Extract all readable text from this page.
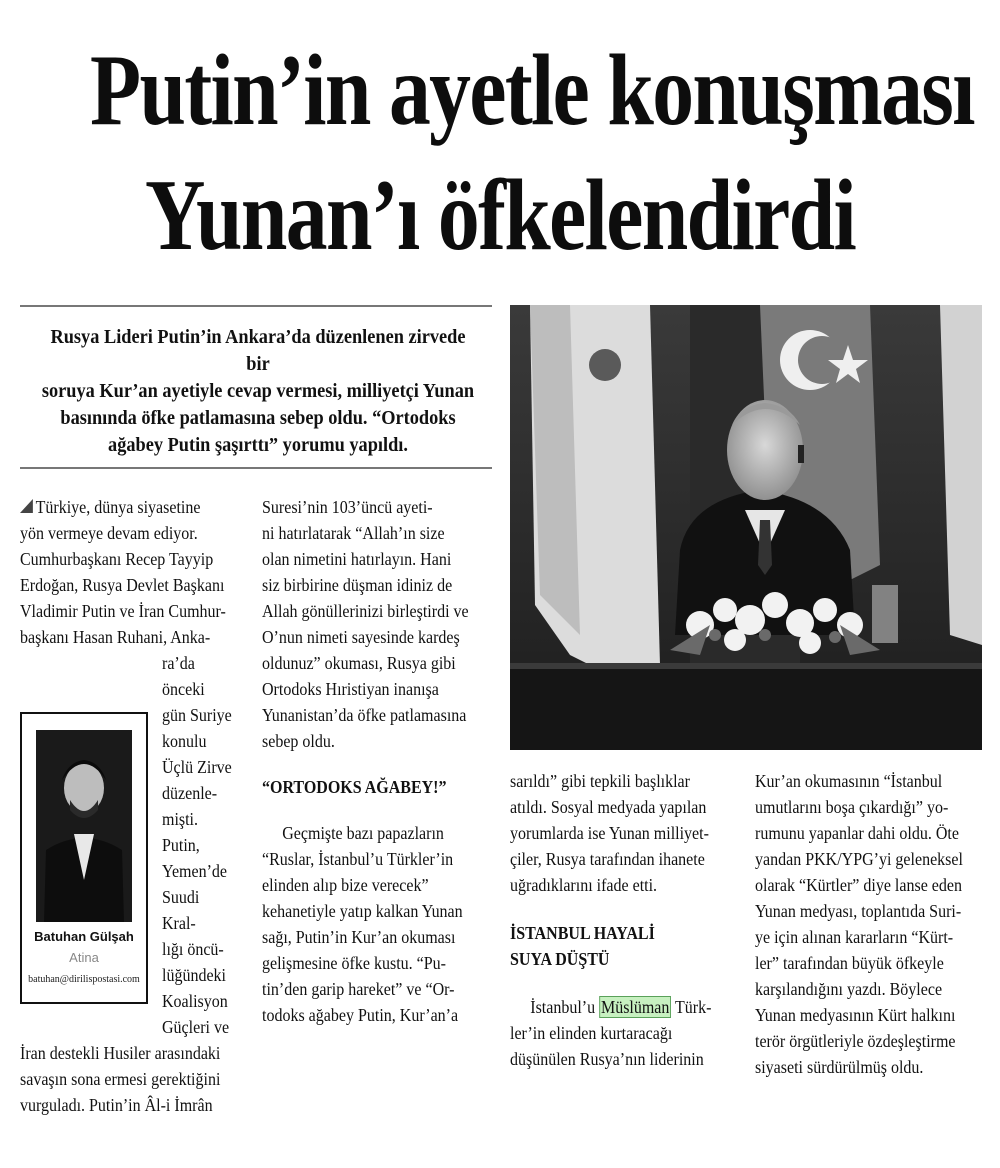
Putin’in ayetle konuşması
Yunan’ı öfkelendirdi
Rusya Lideri Putin’in Ankara’da düzenlenen zirvede bir
soruya Kur’an ayetiyle cevap vermesi, milliyetçi Yunan
basınında öfke patlamasına sebep oldu. “Ortodoks
ağabey Putin şaşırttı” yorumu yapıldı.

Türkiye, dünya siyasetine

yön vermeye devam ediyor.

Cumhurbaşkanı Recep Tayyip

Erdoğan, Rusya Devlet Başkanı

Vladimir Putin ve İran Cumhur-

başkanı Hasan Ruhani, Anka-

ra’da önceki

gün Suriye

konulu

Üçlü Zirve

düzenle-

mişti. Putin,

Yemen’de

Suudi Kral-

lığı öncü-

lüğündeki

Koalisyon

Güçleri ve

Batuhan Gülşah
Atina
batuhan@dirilispostasi.com

İran destekli Husiler arasındaki

savaşın sona ermesi gerektiğini

vurguladı. Putin’in Âl-i İmrân

Suresi’nin 103’üncü ayeti-

ni hatırlatarak “Allah’ın size

olan nimetini hatırlayın. Hani

siz birbirine düşman idiniz de

Allah gönüllerinizi birleştirdi ve

O’nun nimeti sayesinde kardeş

oldunuz” okuması, Rusya gibi

Ortodoks Hıristiyan inanışa

Yunanistan’da öfke patlamasına

sebep oldu.

“ORTODOKS AĞABEY!”

Geçmişte bazı papazların

“Ruslar, İstanbul’u Türkler’in

elinden alıp bize verecek”

kehanetiyle yatıp kalkan Yunan

sağı, Putin’in Kur’an okuması

gelişmesine öfke kustu. “Pu-

tin’den garip hareket” ve “Or-

todoks ağabey Putin, Kur’an’a

sarıldı” gibi tepkili başlıklar

atıldı. Sosyal medyada yapılan

yorumlarda ise Yunan milliyet-

çiler, Rusya tarafından ihanete

uğradıklarını ifade etti.

İSTANBUL HAYALİ

SUYA DÜŞTÜ

İstanbul’u Müslüman Türk-

ler’in elinden kurtaracağı

düşünülen Rusya’nın liderinin

Kur’an okumasının “İstanbul

umutlarını boşa çıkardığı” yo-

rumunu yapanlar dahi oldu. Öte

yandan PKK/YPG’yi geleneksel

olarak “Kürtler” diye lanse eden

Yunan medyası, toplantıda Suri-

ye için alınan kararların “Kürt-

ler” tarafından büyük öfkeyle

karşılandığını yazdı. Böylece

Yunan medyasının Kürt halkını

terör örgütleriyle özdeşleştirme

siyaseti sürdürülmüş oldu.
